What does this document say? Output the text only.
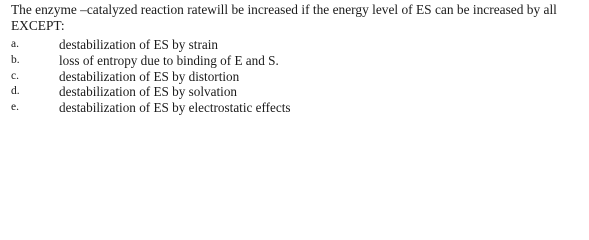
The enzyme –catalyzed reaction ratewill be increased if the energy level of ES can be increased by all EXCEPT:

a.	destabilization of ES by strain
b.	loss of entropy due to binding of E and S.
c.	destabilization of ES by distortion
d.	destabilization of ES by solvation
e.	destabilization of ES by electrostatic effects
